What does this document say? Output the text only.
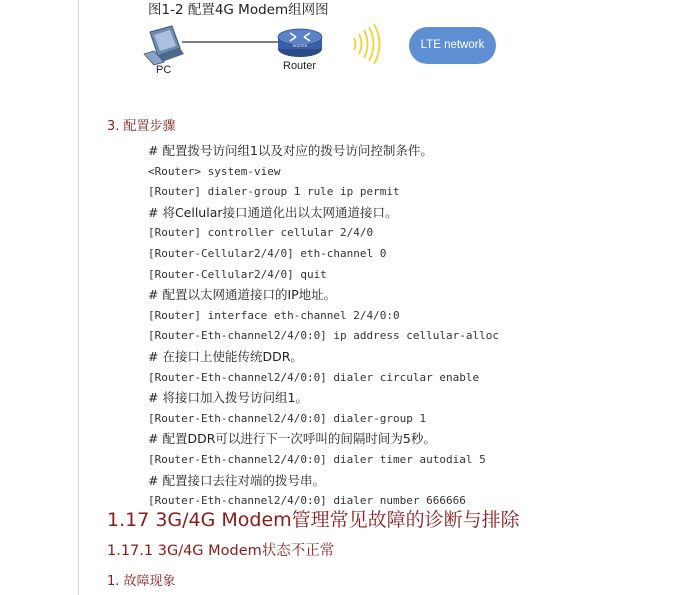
图1-2 配置4G Modem组网图
ROUTER
PC	Router
LTE network
3. 配置步骤
# 配置拨号访问组1以及对应的拨号访问控制条件。
<Router> system-view
[Router] dialer-group 1 rule ip permit
# 将Cellular接口通道化出以太网通道接口。
[Router] controller cellular 2/4/0
[Router-Cellular2/4/0] eth-channel 0
[Router-Cellular2/4/0] quit
# 配置以太网通道接口的IP地址。
[Router] interface eth-channel 2/4/0:0
[Router-Eth-channel2/4/0:0] ip address cellular-alloc
# 在接口上使能传统DDR。
[Router-Eth-channel2/4/0:0] dialer circular enable
# 将接口加入拨号访问组1。
[Router-Eth-channel2/4/0:0] dialer-group 1
# 配置DDR可以进行下一次呼叫的间隔时间为5秒。
[Router-Eth-channel2/4/0:0] dialer timer autodial 5
# 配置接口去往对端的拨号串。
[Router-Eth-channel2/4/0:0] dialer number 666666
1.17 3G/4G Modem管理常见故障的诊断与排除
1.17.1 3G/4G Modem状态不正常
1. 故障现象
